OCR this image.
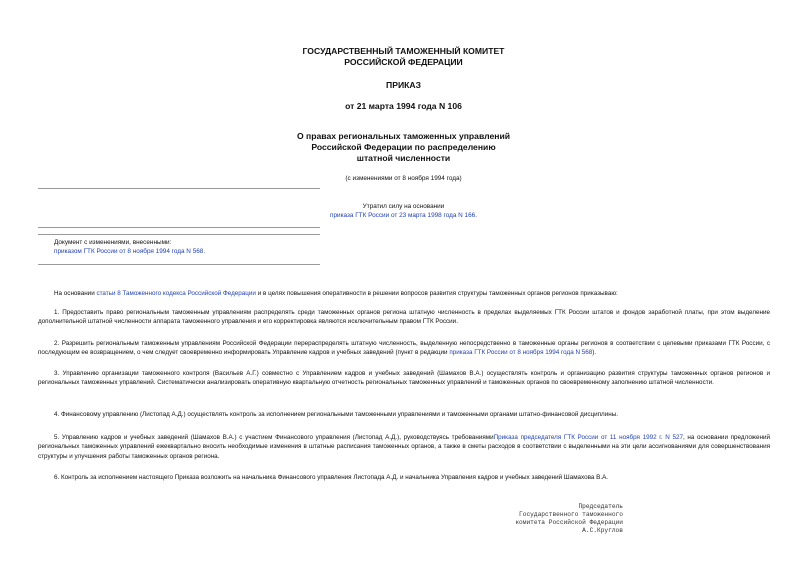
ГОСУДАРСТВЕННЫЙ ТАМОЖЕННЫЙ КОМИТЕТ
РОССИЙСКОЙ ФЕДЕРАЦИИ
ПРИКАЗ
от 21 марта 1994 года N 106
О правах региональных таможенных управлений
Российской Федерации по распределению
штатной численности
(с изменениями от 8 ноября 1994 года)
Утратил силу на основании
приказа ГТК России от 23 марта 1998 года N 166.
Документ с изменениями, внесенными:
приказом ГТК России от 8 ноября 1994 года N 568.
На основании статьи 8 Таможенного кодекса Российской Федерации и в целях повышения оперативности в решении вопросов развития структуры таможенных органов регионов приказываю:
1. Предоставить право региональным таможенным управлениям распределять среди таможенных органов региона штатную численность в пределах выделяемых ГТК России штатов и фондов заработной платы, при этом выделение дополнительной штатной численности аппарата таможенного управления и его корректировка являются исключительным правом ГТК России.
2. Разрешить региональным таможенным управлениям Российской Федерации перераспределять штатную численность, выделенную непосредственно в таможенные органы регионов в соответствии с целевыми приказами ГТК России, с последующим ее возвращением, о чем следует своевременно информировать Управление кадров и учебных заведений (пункт в редакции приказа ГТК России от 8 ноября 1994 года N 568).
3. Управлению организации таможенного контроля (Васильев А.Г.) совместно с Управлением кадров и учебных заведений (Шамахов В.А.) осуществлять контроль и организацию развития структуры таможенных органов регионов и региональных таможенных управлений. Систематически анализировать оперативную квартальную отчетность региональных таможенных управлений и таможенных органов по своевременному заполнению штатной численности.
4. Финансовому управлению (Листопад А.Д.) осуществлять контроль за исполнением региональными таможенными управлениями и таможенными органами штатно-финансовой дисциплины.
5. Управлению кадров и учебных заведений (Шамахов В.А.) с участием Финансового управления (Листопад А.Д.), руководствуясь требованиямиПриказа председателя ГТК России от 11 ноября 1992 г. N 527, на основании предложений региональных таможенных управлений ежеквартально вносить необходимые изменения в штатные расписания таможенных органов, а также в сметы расходов в соответствии с выделенными на эти цели ассигнованиями для совершенствования структуры и улучшения работы таможенных органов региона.
6. Контроль за исполнением настоящего Приказа возложить на начальника Финансового управления Листопада А.Д. и начальника Управления кадров и учебных заведений Шамахова В.А.
Председатель
Государственного таможенного
комитета Российской Федерации
А.С.Круглов
